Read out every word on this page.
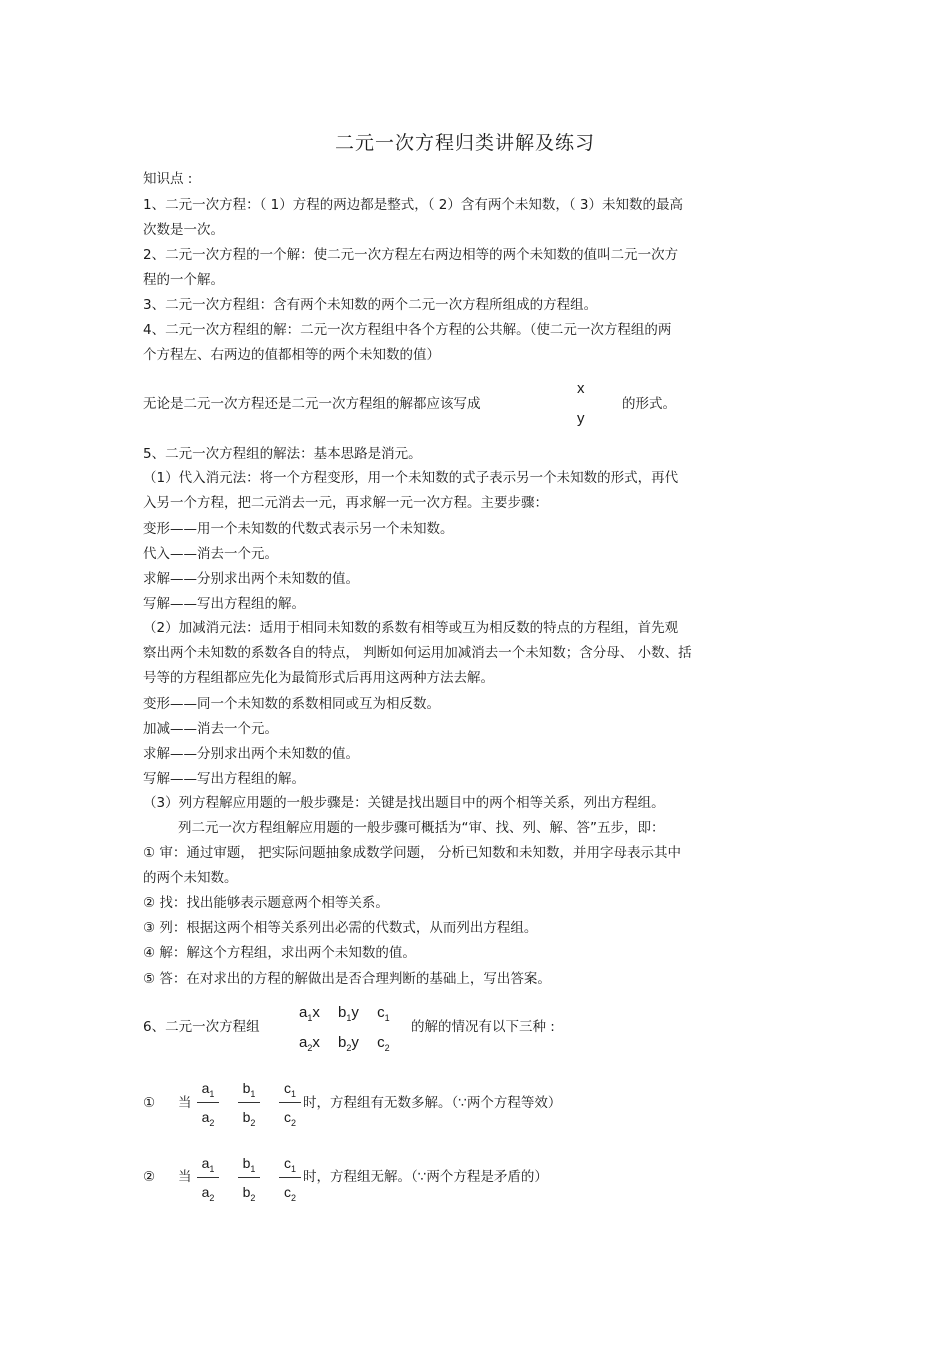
二元一次方程归类讲解及练习
知识点 :
1、二元一次方程：（ 1）方程的两边都是整式，（ 2）含有两个未知数，（ 3）未知数的最高
次数是一次。
2、二元一次方程的一个解：使二元一次方程左右两边相等的两个未知数的值叫二元一次方
程的一个解。
3、二元一次方程组：含有两个未知数的两个二元一次方程所组成的方程组。
4、二元一次方程组的解：二元一次方程组中各个方程的公共解。（使二元一次方程组的两
个方程左、右两边的值都相等的两个未知数的值）
无论是二元一次方程还是二元一次方程组的解都应该写成
x
y
的形式。
5、二元一次方程组的解法：基本思路是消元。
（1）代入消元法：将一个方程变形，用一个未知数的式子表示另一个未知数的形式，再代
入另一个方程，把二元消去一元，再求解一元一次方程。主要步骤：
变形——用一个未知数的代数式表示另一个未知数。
代入——消去一个元。
求解——分别求出两个未知数的值。
写解——写出方程组的解。
（2）加减消元法：适用于相同未知数的系数有相等或互为相反数的特点的方程组，首先观
察出两个未知数的系数各自的特点， 判断如何运用加减消去一个未知数；含分母、 小数、括
号等的方程组都应先化为最简形式后再用这两种方法去解。
变形——同一个未知数的系数相同或互为相反数。
加减——消去一个元。
求解——分别求出两个未知数的值。
写解——写出方程组的解。
（3）列方程解应用题的一般步骤是：关键是找出题目中的两个相等关系，列出方程组。
列二元一次方程组解应用题的一般步骤可概括为“审、找、列、解、答”五步，即：
① 审：通过审题， 把实际问题抽象成数学问题， 分析已知数和未知数，并用字母表示其中
的两个未知数。
② 找：找出能够表示题意两个相等关系。
③ 列：根据这两个相等关系列出必需的代数式，从而列出方程组。
④ 解：解这个方程组，求出两个未知数的值。
⑤ 答：在对求出的方程的解做出是否合理判断的基础上，写出答案。
6、二元一次方程组
$a_1x$ $b_1y$ $c_1$
$a_2x$ $b_2y$ $c_2$
的解的情况有以下三种 :
① 当 $\frac{a_1}{a_2} \frac{b_1}{b_2} \frac{c_1}{c_2}$ 时，方程组有无数多解。（∵两个方程等效）
② 当 $\frac{a_1}{a_2} \frac{b_1}{b_2} \frac{c_1}{c_2}$ 时，方程组无解。（∵两个方程是矛盾的）
